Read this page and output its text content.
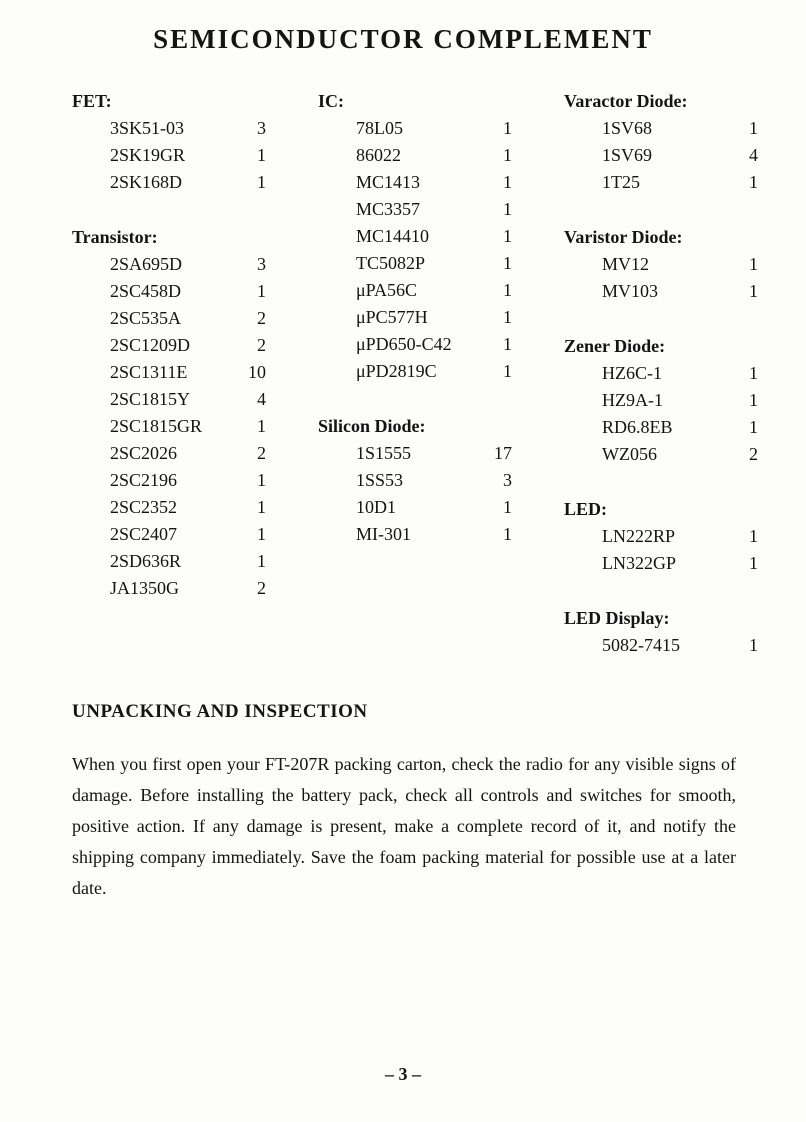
SEMICONDUCTOR COMPLEMENT
FET:
3SK51-03	3
2SK19GR	1
2SK168D	1
Transistor:
2SA695D	3
2SC458D	1
2SC535A	2
2SC1209D	2
2SC1311E	10
2SC1815Y	4
2SC1815GR	1
2SC2026	2
2SC2196	1
2SC2352	1
2SC2407	1
2SD636R	1
JA1350G	2
IC:
78L05	1
86022	1
MC1413	1
MC3357	1
MC14410	1
TC5082P	1
μPA56C	1
μPC577H	1
μPD650-C42	1
μPD2819C	1
Silicon Diode:
1S1555	17
1SS53	3
10D1	1
MI-301	1
Varactor Diode:
1SV68	1
1SV69	4
1T25	1
Varistor Diode:
MV12	1
MV103	1
Zener Diode:
HZ6C-1	1
HZ9A-1	1
RD6.8EB	1
WZ056	2
LED:
LN222RP	1
LN322GP	1
LED Display:
5082-7415	1
UNPACKING AND INSPECTION

When you first open your FT-207R packing carton, check the radio for any visible signs of damage. Before installing the battery pack, check all controls and switches for smooth, positive action. If any damage is present, make a complete record of it, and notify the shipping company immediately. Save the foam packing material for possible use at a later date.

– 3 –
